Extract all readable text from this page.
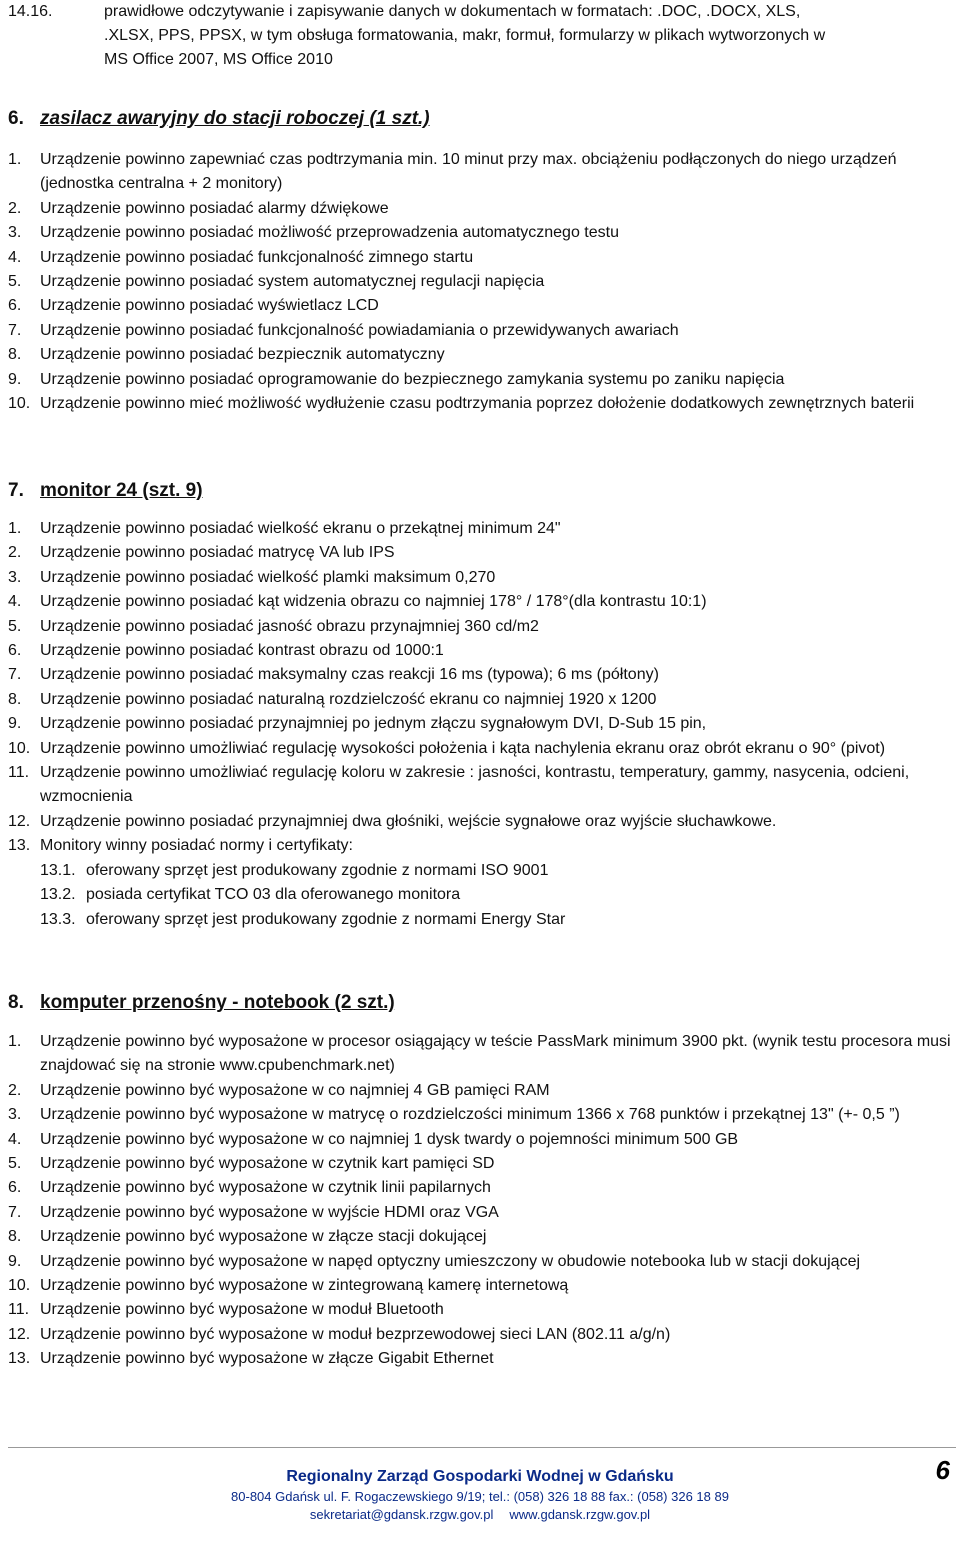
14.16.	prawidłowe odczytywanie i zapisywanie danych w dokumentach w formatach: .DOC, .DOCX, XLS,
.XLSX, PPS, PPSX, w tym obsługa formatowania, makr, formuł, formularzy w plikach wytworzonych w
MS Office 2007, MS Office 2010
6. zasilacz awaryjny do stacji roboczej (1 szt.)
1. Urządzenie powinno zapewniać czas podtrzymania min. 10 minut przy max. obciążeniu podłączonych do niego urządzeń (jednostka centralna + 2 monitory)
2. Urządzenie powinno posiadać alarmy dźwiękowe
3. Urządzenie powinno posiadać możliwość przeprowadzenia automatycznego testu
4. Urządzenie powinno posiadać funkcjonalność zimnego startu
5. Urządzenie powinno posiadać system automatycznej regulacji napięcia
6. Urządzenie powinno posiadać wyświetlacz LCD
7. Urządzenie powinno posiadać funkcjonalność powiadamiania o przewidywanych awariach
8. Urządzenie powinno posiadać bezpiecznik automatyczny
9. Urządzenie powinno posiadać oprogramowanie do bezpiecznego zamykania systemu po zaniku napięcia
10. Urządzenie powinno mieć możliwość wydłużenie czasu podtrzymania poprzez dołożenie dodatkowych zewnętrznych baterii
7. monitor 24 (szt. 9)
1. Urządzenie powinno posiadać wielkość ekranu o przekątnej minimum 24"
2. Urządzenie powinno posiadać matrycę VA lub IPS
3. Urządzenie powinno posiadać wielkość plamki maksimum 0,270
4. Urządzenie powinno posiadać kąt widzenia obrazu co najmniej 178° / 178°(dla kontrastu 10:1)
5. Urządzenie powinno posiadać jasność obrazu przynajmniej 360 cd/m2
6. Urządzenie powinno posiadać kontrast obrazu od 1000:1
7. Urządzenie powinno posiadać maksymalny czas reakcji 16 ms (typowa); 6 ms (półtony)
8. Urządzenie powinno posiadać naturalną rozdzielczość ekranu co najmniej 1920 x 1200
9. Urządzenie powinno posiadać przynajmniej po jednym złączu sygnałowym DVI, D-Sub 15 pin,
10. Urządzenie powinno umożliwiać regulację wysokości położenia i kąta nachylenia ekranu oraz obrót ekranu o 90° (pivot)
11. Urządzenie powinno umożliwiać regulację koloru w zakresie : jasności, kontrastu, temperatury, gammy, nasycenia, odcieni, wzmocnienia
12. Urządzenie powinno posiadać przynajmniej dwa głośniki, wejście sygnałowe oraz wyjście słuchawkowe.
13. Monitory winny posiadać normy i certyfikaty:
13.1. oferowany sprzęt jest produkowany zgodnie z normami ISO 9001
13.2. posiada certyfikat TCO 03 dla oferowanego monitora
13.3. oferowany sprzęt jest produkowany zgodnie z normami Energy Star
8. komputer przenośny - notebook (2 szt.)
1. Urządzenie powinno być wyposażone w procesor osiągający w teście PassMark minimum 3900 pkt. (wynik testu procesora musi znajdować się na stronie www.cpubenchmark.net)
2. Urządzenie powinno być wyposażone w co najmniej 4 GB pamięci RAM
3. Urządzenie powinno być wyposażone w matrycę o rozdzielczości minimum 1366 x 768 punktów i przekątnej 13" (+- 0,5 ”)
4. Urządzenie powinno być wyposażone w co najmniej 1 dysk twardy o pojemności minimum 500 GB
5. Urządzenie powinno być wyposażone w czytnik kart pamięci SD
6. Urządzenie powinno być wyposażone w czytnik linii papilarnych
7. Urządzenie powinno być wyposażone w wyjście HDMI oraz VGA
8. Urządzenie powinno być wyposażone w złącze stacji dokującej
9. Urządzenie powinno być wyposażone w napęd optyczny umieszczony w obudowie notebooka lub w stacji dokującej
10. Urządzenie powinno być wyposażone w zintegrowaną kamerę internetową
11. Urządzenie powinno być wyposażone w moduł Bluetooth
12. Urządzenie powinno być wyposażone w moduł bezprzewodowej sieci LAN (802.11 a/g/n)
13. Urządzenie powinno być wyposażone w złącze Gigabit Ethernet
6
Regionalny Zarząd Gospodarki Wodnej w Gdańsku
80-804 Gdańsk ul. F. Rogaczewskiego 9/19; tel.: (058) 326 18 88 fax.: (058) 326 18 89
sekretariat@gdansk.rzgw.gov.pl www.gdansk.rzgw.gov.pl
